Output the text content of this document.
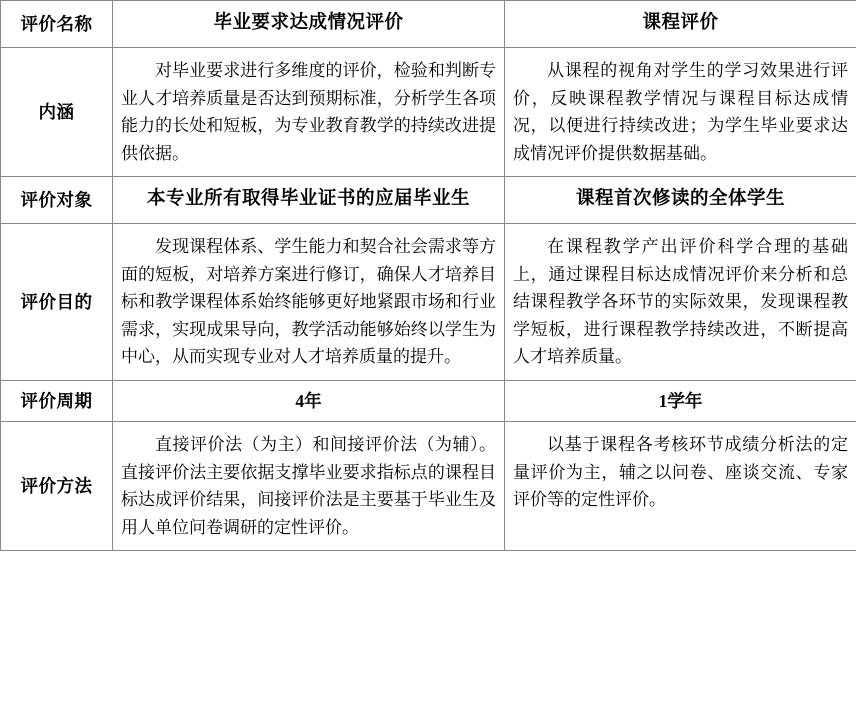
评价名称	毕业要求达成情况评价	课程评价
内涵	对毕业要求进行多维度的评价，检验和判断专业人才培养质量是否达到预期标准，分析学生各项能力的长处和短板，为专业教育教学的持续改进提供依据。	从课程的视角对学生的学习效果进行评价，反映课程教学情况与课程目标达成情况，以便进行持续改进；为学生毕业要求达成情况评价提供数据基础。

评价对象	本专业所有取得毕业证书的应届毕业生	课程首次修读的全体学生
评价目的	发现课程体系、学生能力和契合社会需求等方面的短板，对培养方案进行修订，确保人才培养目标和教学课程体系始终能够更好地紧跟市场和行业需求，实现成果导向，教学活动能够始终以学生为中心，从而实现专业对人才培养质量的提升。	在课程教学产出评价科学合理的基础上，通过课程目标达成情况评价来分析和总结课程教学各环节的实际效果，发现课程教学短板，进行课程教学持续改进，不断提高人才培养质量。

评价周期	4年	1学年
评价方法	直接评价法（为主）和间接评价法（为辅）。直接评价法主要依据支撑毕业要求指标点的课程目标达成评价结果，间接评价法是主要基于毕业生及用人单位问卷调研的定性评价。	以基于课程各考核环节成绩分析法的定量评价为主，辅之以问卷、座谈交流、专家评价等的定性评价。
